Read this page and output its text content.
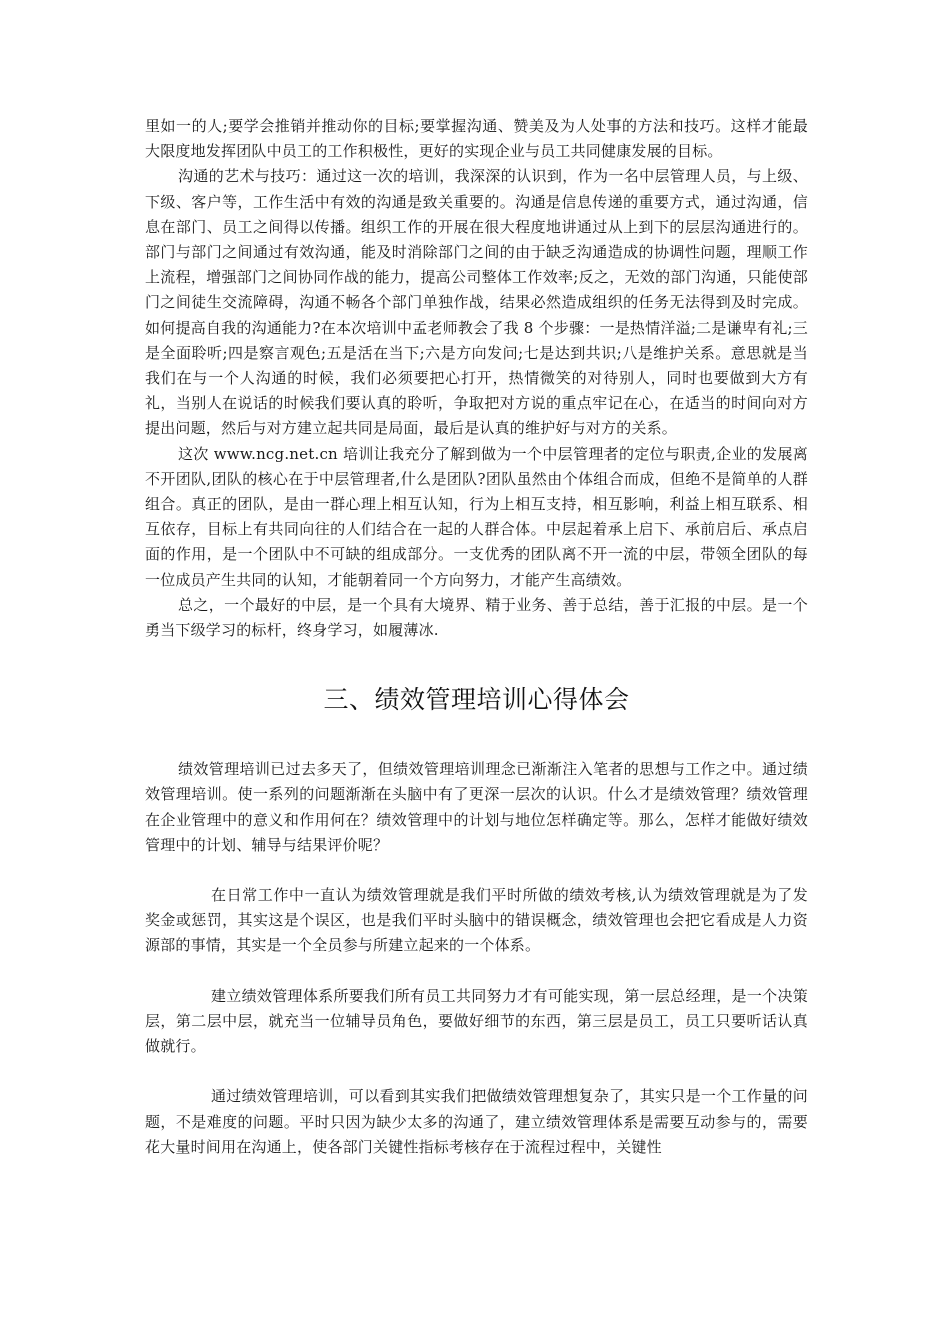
里如一的人;要学会推销并推动你的目标;要掌握沟通、赞美及为人处事的方法和技巧。这样才能最大限度地发挥团队中员工的工作积极性，更好的实现企业与员工共同健康发展的目标。

沟通的艺术与技巧：通过这一次的培训，我深深的认识到，作为一名中层管理人员，与上级、下级、客户等，工作生活中有效的沟通是致关重要的。沟通是信息传递的重要方式，通过沟通，信息在部门、员工之间得以传播。组织工作的开展在很大程度地讲通过从上到下的层层沟通进行的。部门与部门之间通过有效沟通，能及时消除部门之间的由于缺乏沟通造成的协调性问题，理顺工作上流程，增强部门之间协同作战的能力，提高公司整体工作效率;反之，无效的部门沟通，只能使部门之间徒生交流障碍，沟通不畅各个部门单独作战，结果必然造成组织的任务无法得到及时完成。如何提高自我的沟通能力?在本次培训中孟老师教会了我 8 个步骤：一是热情洋溢;二是谦卑有礼;三是全面聆听;四是察言观色;五是活在当下;六是方向发问;七是达到共识;八是维护关系。意思就是当我们在与一个人沟通的时候，我们必须要把心打开，热情微笑的对待别人，同时也要做到大方有礼，当别人在说话的时候我们要认真的聆听，争取把对方说的重点牢记在心，在适当的时间向对方提出问题，然后与对方建立起共同是局面，最后是认真的维护好与对方的关系。

这次 www.ncg.net.cn 培训让我充分了解到做为一个中层管理者的定位与职责,企业的发展离不开团队,团队的核心在于中层管理者,什么是团队?团队虽然由个体组合而成，但绝不是简单的人群组合。真正的团队，是由一群心理上相互认知，行为上相互支持，相互影响，利益上相互联系、相互依存，目标上有共同向往的人们结合在一起的人群合体。中层起着承上启下、承前启后、承点启面的作用，是一个团队中不可缺的组成部分。一支优秀的团队离不开一流的中层，带领全团队的每一位成员产生共同的认知，才能朝着同一个方向努力，才能产生高绩效。

总之，一个最好的中层，是一个具有大境界、精于业务、善于总结，善于汇报的中层。是一个勇当下级学习的标杆，终身学习，如履薄冰.

三、绩效管理培训心得体会

绩效管理培训已过去多天了，但绩效管理培训理念已渐渐注入笔者的思想与工作之中。通过绩效管理培训。使一系列的问题渐渐在头脑中有了更深一层次的认识。什么才是绩效管理？绩效管理在企业管理中的意义和作用何在？绩效管理中的计划与地位怎样确定等。那么，怎样才能做好绩效管理中的计划、辅导与结果评价呢？

在日常工作中一直认为绩效管理就是我们平时所做的绩效考核,认为绩效管理就是为了发奖金或惩罚，其实这是个误区，也是我们平时头脑中的错误概念，绩效管理也会把它看成是人力资源部的事情，其实是一个全员参与所建立起来的一个体系。

建立绩效管理体系所要我们所有员工共同努力才有可能实现，第一层总经理，是一个决策层，第二层中层，就充当一位辅导员角色，要做好细节的东西，第三层是员工，员工只要听话认真做就行。

通过绩效管理培训，可以看到其实我们把做绩效管理想复杂了，其实只是一个工作量的问题，不是难度的问题。平时只因为缺少太多的沟通了，建立绩效管理体系是需要互动参与的，需要花大量时间用在沟通上，使各部门关键性指标考核存在于流程过程中，关键性
